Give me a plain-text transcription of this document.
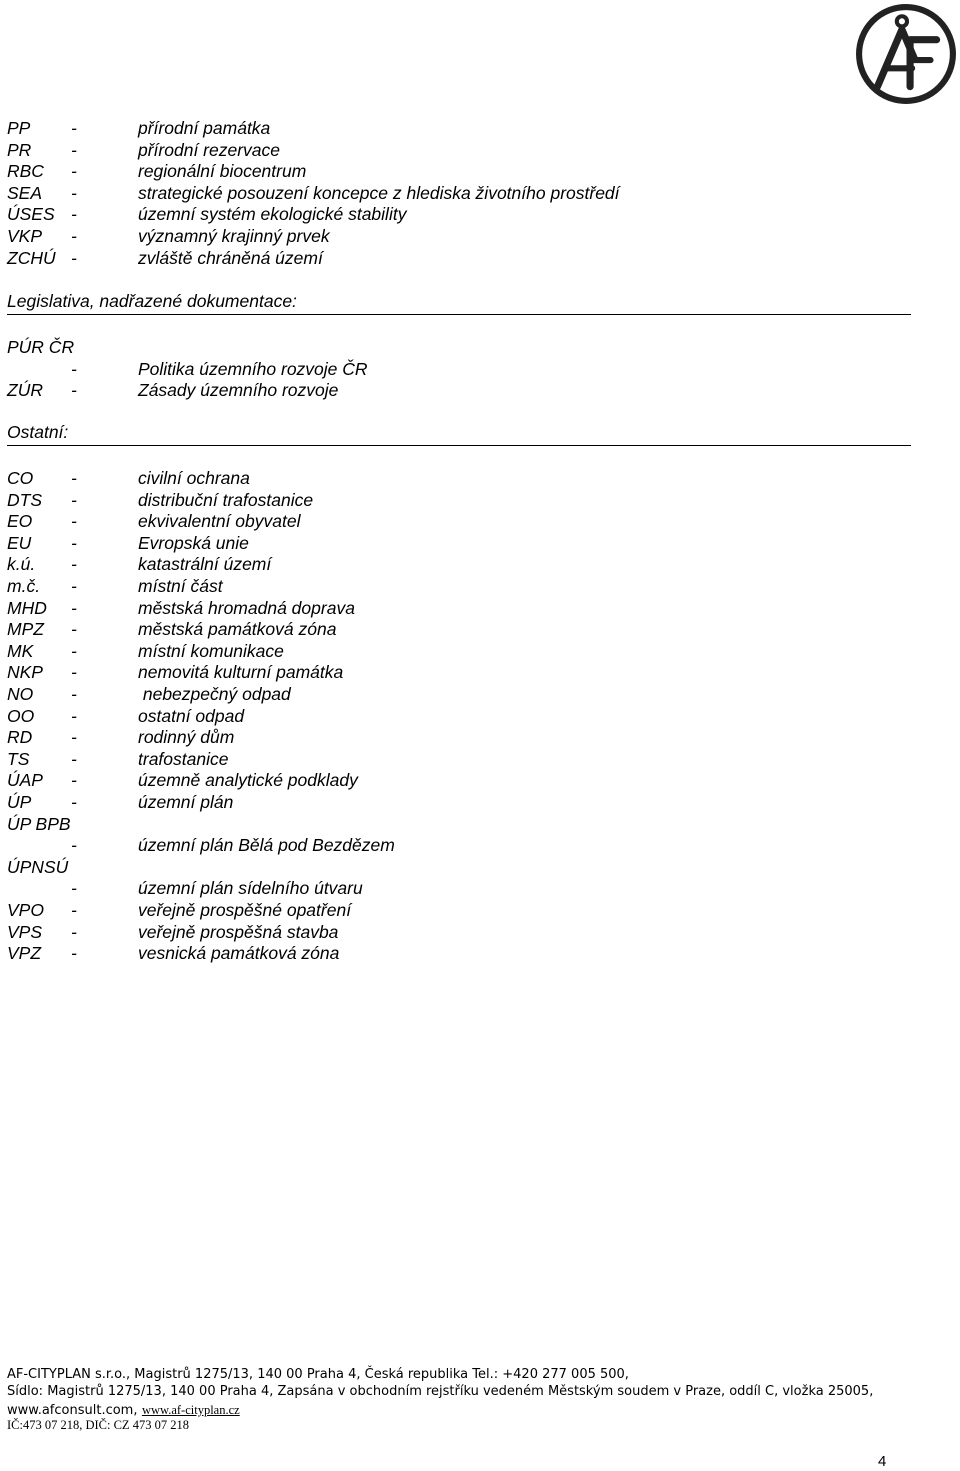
PP -	přírodní památka
PR -	přírodní rezervace
RBC -	regionální biocentrum
SEA -	strategické posouzení koncepce z hlediska životního prostředí
ÚSES -	územní systém ekologické stability
VKP -	významný krajinný prvek
ZCHÚ -	zvláště chráněná území
Legislativa, nadřazené dokumentace:
PÚR ČR
-	Politika územního rozvoje ČR
ZÚR -	Zásady územního rozvoje
Ostatní:
CO -	civilní ochrana
DTS -	distribuční trafostanice
EO -	ekvivalentní obyvatel
EU -	Evropská unie
k.ú. -	katastrální území
m.č. -	místní část
MHD -	městská hromadná doprava
MPZ -	městská památková zóna
MK -	místní komunikace
NKP -	nemovitá kulturní památka
NO -	nebezpečný odpad
OO -	ostatní odpad
RD -	rodinný dům
TS -	trafostanice
ÚAP -	územně analytické podklady
ÚP -	územní plán
ÚP BPB
-	územní plán Bělá pod Bezdězem
ÚPNSÚ
-	územní plán sídelního útvaru
VPO -	veřejně prospěšné opatření
VPS -	veřejně prospěšná stavba
VPZ -	vesnická památková zóna
AF-CITYPLAN s.r.o., Magistrů 1275/13, 140 00 Praha 4, Česká republika Tel.: +420 277 005 500,
Sídlo: Magistrů 1275/13, 140 00 Praha 4, Zapsána v obchodním rejstříku vedeném Městským soudem v Praze, oddíl C, vložka 25005,
www.afconsult.com, www.af-cityplan.cz
IČ:473 07 218, DIČ: CZ 473 07 218
4
